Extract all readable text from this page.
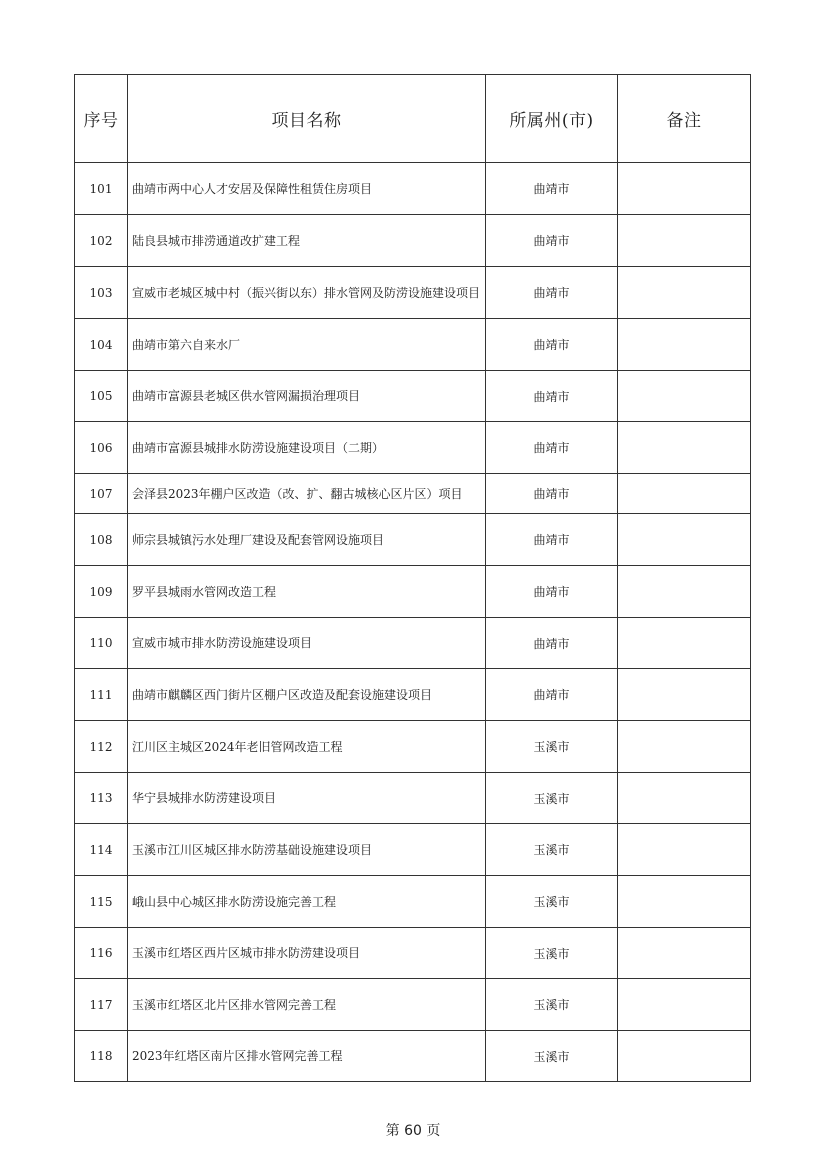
序号	项目名称	所属州(市)	备注
101	曲靖市两中心人才安居及保障性租赁住房项目	曲靖市	
102	陆良县城市排涝通道改扩建工程	曲靖市	
103	宣威市老城区城中村（振兴街以东）排水管网及防涝设施建设项目	曲靖市	
104	曲靖市第六自来水厂	曲靖市	
105	曲靖市富源县老城区供水管网漏损治理项目	曲靖市	
106	曲靖市富源县城排水防涝设施建设项目（二期）	曲靖市	
107	会泽县2023年棚户区改造（改、扩、翻古城核心区片区）项目	曲靖市	
108	师宗县城镇污水处理厂建设及配套管网设施项目	曲靖市	
109	罗平县城雨水管网改造工程	曲靖市	
110	宣威市城市排水防涝设施建设项目	曲靖市	
111	曲靖市麒麟区西门街片区棚户区改造及配套设施建设项目	曲靖市	
112	江川区主城区2024年老旧管网改造工程	玉溪市	
113	华宁县城排水防涝建设项目	玉溪市	
114	玉溪市江川区城区排水防涝基础设施建设项目	玉溪市	
115	峨山县中心城区排水防涝设施完善工程	玉溪市	
116	玉溪市红塔区西片区城市排水防涝建设项目	玉溪市	
117	玉溪市红塔区北片区排水管网完善工程	玉溪市	
118	2023年红塔区南片区排水管网完善工程	玉溪市	
第 60 页
